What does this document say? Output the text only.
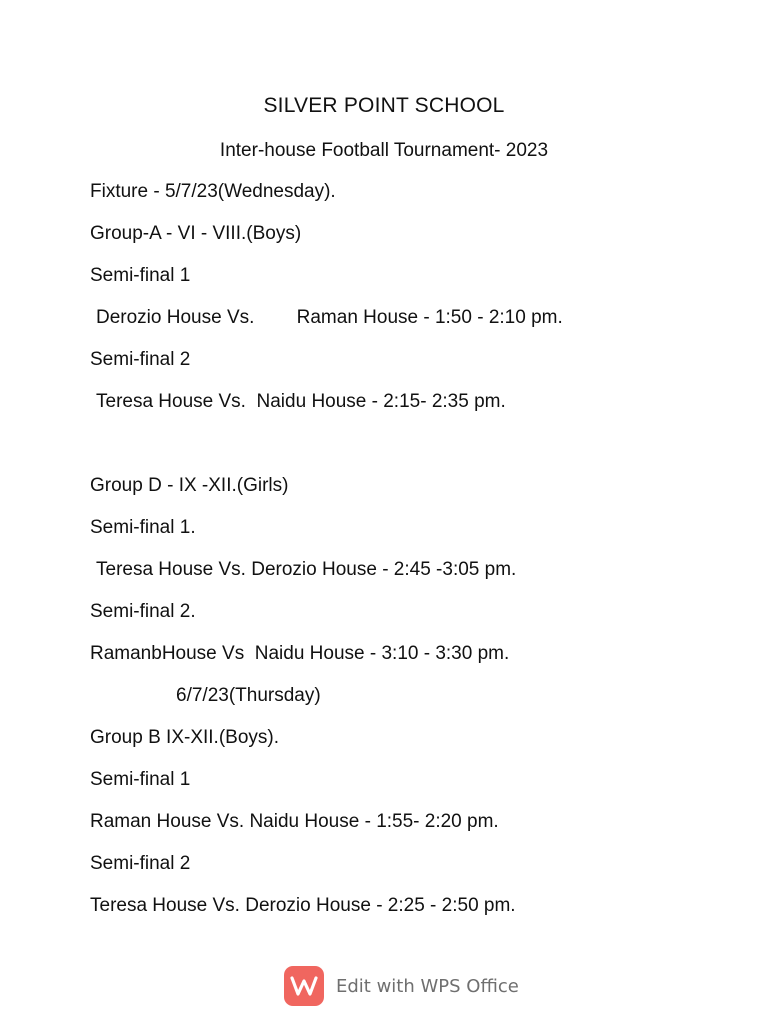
SILVER POINT SCHOOL
Inter-house Football Tournament- 2023
Fixture - 5/7/23(Wednesday).
Group-A - VI - VIII.(Boys)
Semi-final 1
Derozio House Vs.        Raman House - 1:50 - 2:10 pm.
Semi-final 2
Teresa House Vs.  Naidu House - 2:15- 2:35 pm.
Group D - IX -XII.(Girls)
Semi-final 1.
Teresa House Vs. Derozio House - 2:45 -3:05 pm.
Semi-final 2.
RamanbHouse Vs  Naidu House - 3:10 - 3:30 pm.
6/7/23(Thursday)
Group B IX-XII.(Boys).
Semi-final 1
Raman House Vs. Naidu House - 1:55- 2:20 pm.
Semi-final 2
Teresa House Vs. Derozio House - 2:25 - 2:50 pm.
Edit with WPS Office
